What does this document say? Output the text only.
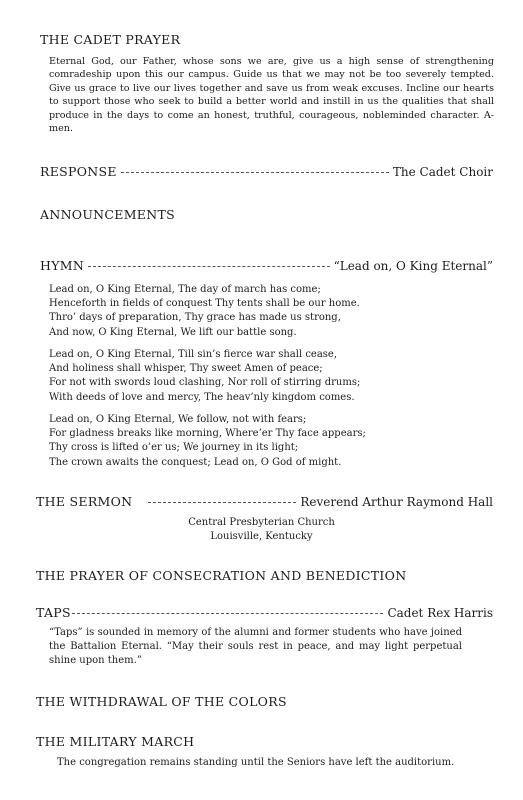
THE CADET PRAYER
Eternal God, our Father, whose sons we are, give us a high sense of strengthening comradeship upon this our campus. Guide us that we may not be too severely tempted. Give us grace to live our lives together and save us from weak excuses. Incline our hearts to support those who seek to build a better world and instill in us the qualities that shall produce in the days to come an honest, truthful, courageous, nobleminded character. A-men.
RESPONSE	The Cadet Choir
ANNOUNCEMENTS
HYMN	“Lead on, O King Eternal”
Lead on, O King Eternal, The day of march has come;
Henceforth in fields of conquest Thy tents shall be our home.
Thro’ days of preparation, Thy grace has made us strong,
And now, O King Eternal, We lift our battle song.
Lead on, O King Eternal, Till sin’s fierce war shall cease,
And holiness shall whisper, Thy sweet Amen of peace;
For not with swords loud clashing, Nor roll of stirring drums;
With deeds of love and mercy, The heav’nly kingdom comes.
Lead on, O King Eternal, We follow, not with fears;
For gladness breaks like morning, Where’er Thy face appears;
Thy cross is lifted o’er us; We journey in its light;
The crown awaits the conquest; Lead on, O God of might.
THE SERMON	Reverend Arthur Raymond Hall
Central Presbyterian Church
Louisville, Kentucky
THE PRAYER OF CONSECRATION AND BENEDICTION
TAPS	Cadet Rex Harris
“Taps” is sounded in memory of the alumni and former students who have joined the Battalion Eternal. “May their souls rest in peace, and may light perpetual shine upon them.”
THE WITHDRAWAL OF THE COLORS
THE MILITARY MARCH
The congregation remains standing until the Seniors have left the auditorium.
